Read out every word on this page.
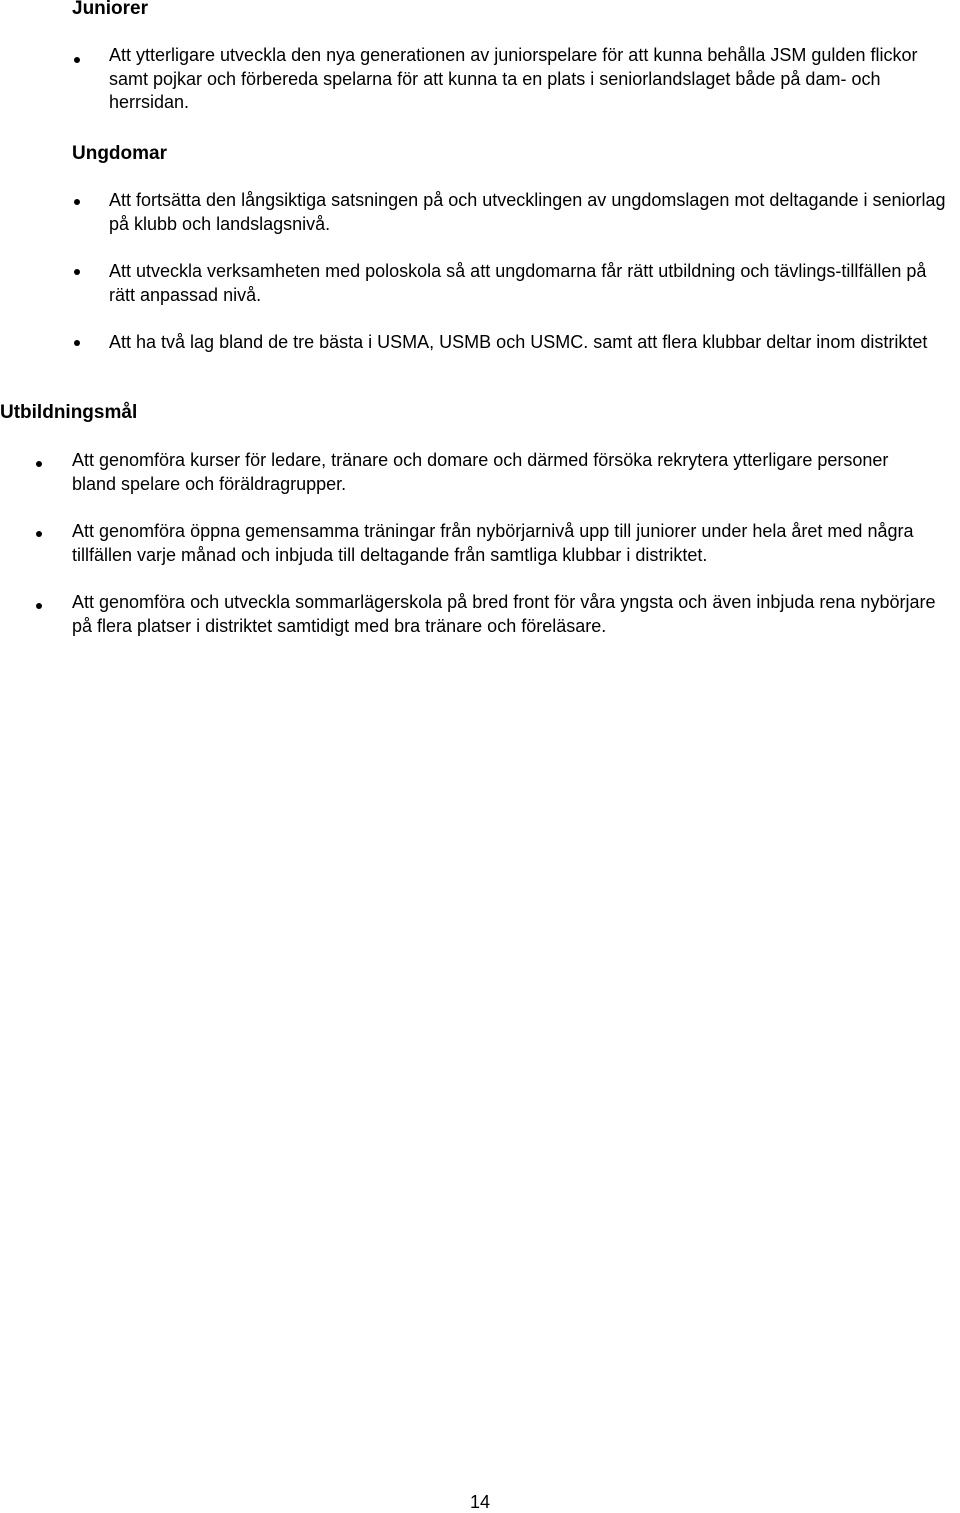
Juniorer

Att ytterligare utveckla den nya generationen av juniorspelare för att kunna behålla JSM gulden flickor samt pojkar och förbereda spelarna för att kunna ta en plats i seniorlandslaget både på dam- och herrsidan.

Ungdomar

Att fortsätta den långsiktiga satsningen på och utvecklingen av ungdomslagen mot deltagande i seniorlag på klubb och landslagsnivå.

Att utveckla verksamheten med poloskola så att ungdomarna får rätt utbildning och tävlings-tillfällen på rätt anpassad nivå.

Att ha två lag bland de tre bästa i USMA, USMB och USMC. samt att flera klubbar deltar inom distriktet

Utbildningsmål

Att genomföra kurser för ledare, tränare och domare och därmed försöka rekrytera ytterligare personer bland spelare och föräldragrupper.

Att genomföra öppna gemensamma träningar från nybörjarnivå upp till juniorer under hela året med några tillfällen varje månad och inbjuda till deltagande från samtliga klubbar i distriktet.

Att genomföra och utveckla sommarlägerskola på bred front för våra yngsta och även inbjuda rena nybörjare på flera platser i distriktet samtidigt med bra tränare och föreläsare.

14
